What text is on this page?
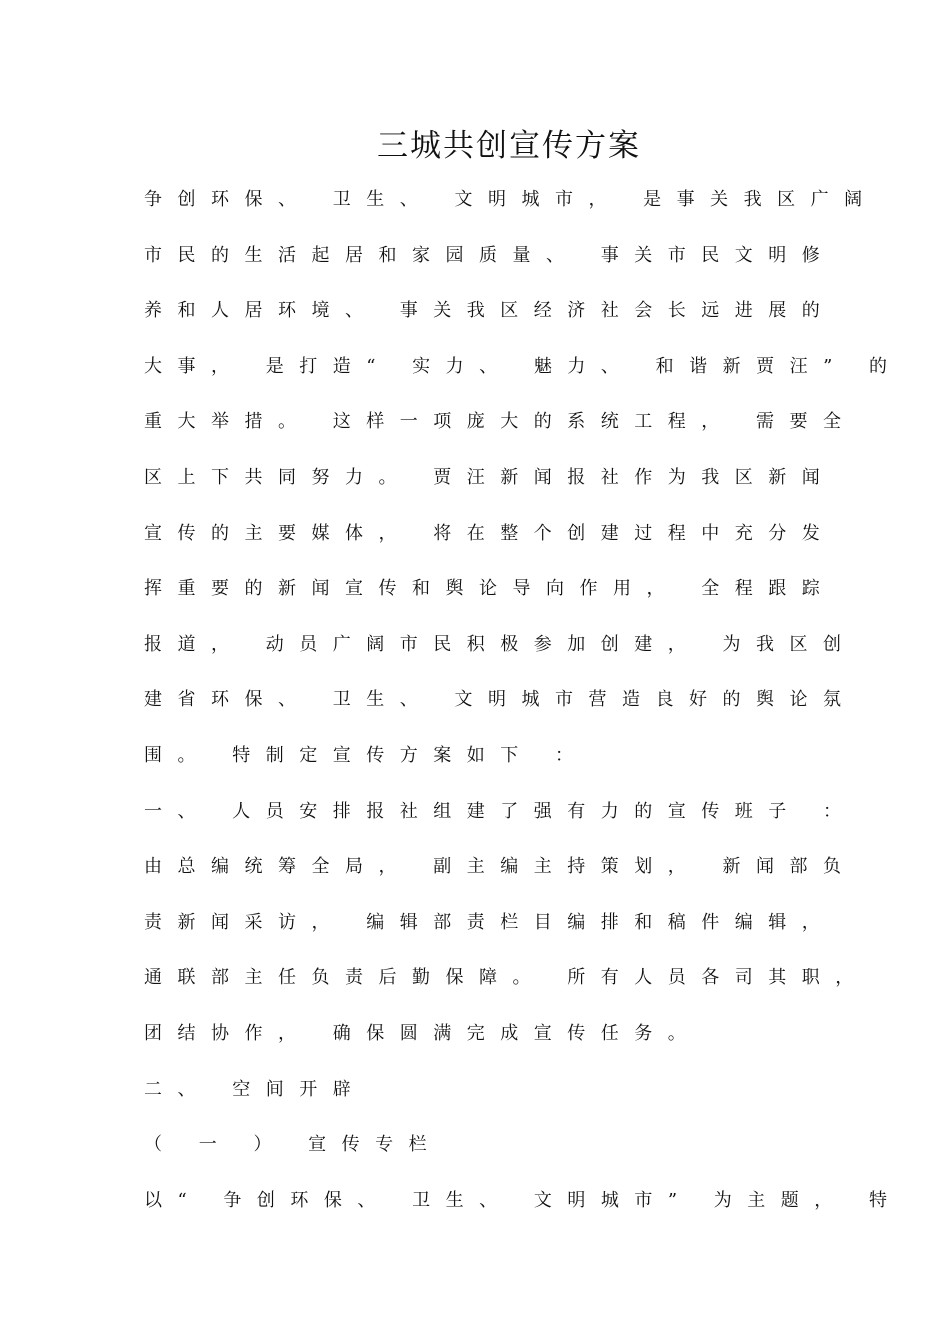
三城共创宣传方案
争创环保、 卫生、 文明城市， 是事关我区广阔
市民的生活起居和家园质量、 事关市民文明修
养和人居环境、 事关我区经济社会长远进展的
大事， 是打造“ 实力、 魅力、 和谐新贾汪” 的
重大举措。 这样一项庞大的系统工程， 需要全
区上下共同努力。 贾汪新闻报社作为我区新闻
宣传的主要媒体， 将在整个创建过程中充分发
挥重要的新闻宣传和舆论导向作用， 全程跟踪
报道， 动员广阔市民积极参加创建， 为我区创
建省环保、 卫生、 文明城市营造良好的舆论氛
围。 特制定宣传方案如下 ：
一、 人员安排报社组建了强有力的宣传班子 ：
由总编统筹全局， 副主编主持策划， 新闻部负
责新闻采访， 编辑部责栏目编排和稿件编辑，
通联部主任负责后勤保障。 所有人员各司其职，
团结协作， 确保圆满完成宣传任务。
二、 空间开辟
（ 一 ） 宣传专栏
以“ 争创环保、 卫生、 文明城市” 为主题， 特
